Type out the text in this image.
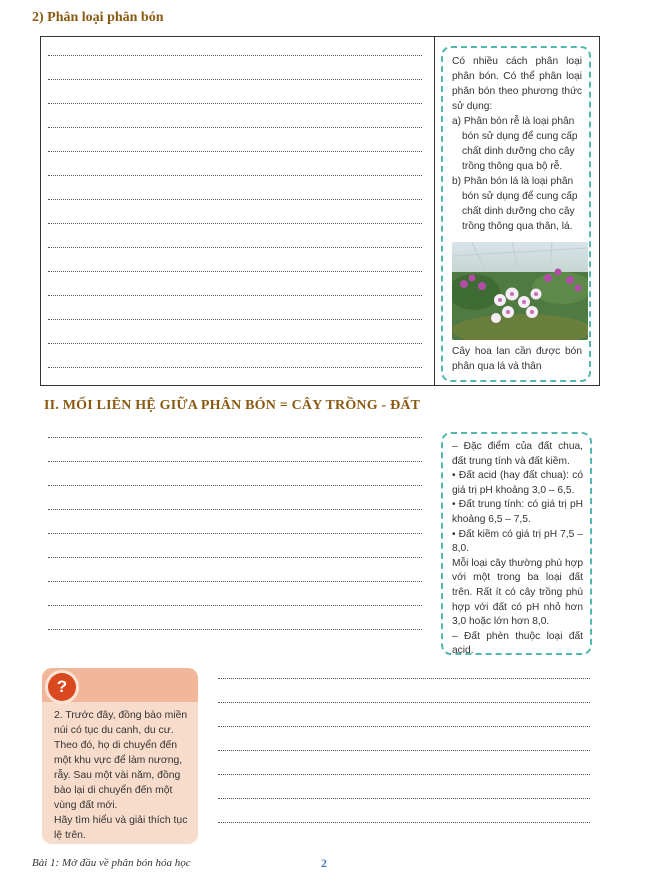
2) Phân loại phân bón

Có nhiều cách phân loại phân bón. Có thể phân loại phân bón theo phương thức sử dụng:

a) Phân bón rễ là loại phân bón sử dụng để cung cấp chất dinh dưỡng cho cây trồng thông qua bộ rễ.

b) Phân bón lá là loại phân bón sử dụng để cung cấp chất dinh dưỡng cho cây trồng thông qua thân, lá.

Cây hoa lan cần được bón phân qua lá và thân

II. MỐI LIÊN HỆ GIỮA PHÂN BÓN = CÂY TRỒNG - ĐẤT

– Đặc điểm của đất chua, đất trung tính và đất kiềm.

• Đất acid (hay đất chua): có giá trị pH khoảng 3,0 – 6,5.

• Đất trung tính: có giá trị pH khoảng 6,5 – 7,5.

• Đất kiềm có giá trị pH 7,5 – 8,0.

Mỗi loại cây thường phù hợp với một trong ba loại đất trên. Rất ít có cây trồng phù hợp với đất có pH nhỏ hơn 3,0 hoặc lớn hơn 8,0.

– Đất phèn thuộc loại đất acid.

?
2. Trước đây, đồng bào miền núi có tục du canh, du cư. Theo đó, họ di chuyển đến một khu vực để làm nương, rẫy. Sau một vài năm, đồng bào lại di chuyển đến một vùng đất mới.
Hãy tìm hiểu và giải thích tục lệ trên.
Bài 1: Mở đầu về phân bón hóa học	2
